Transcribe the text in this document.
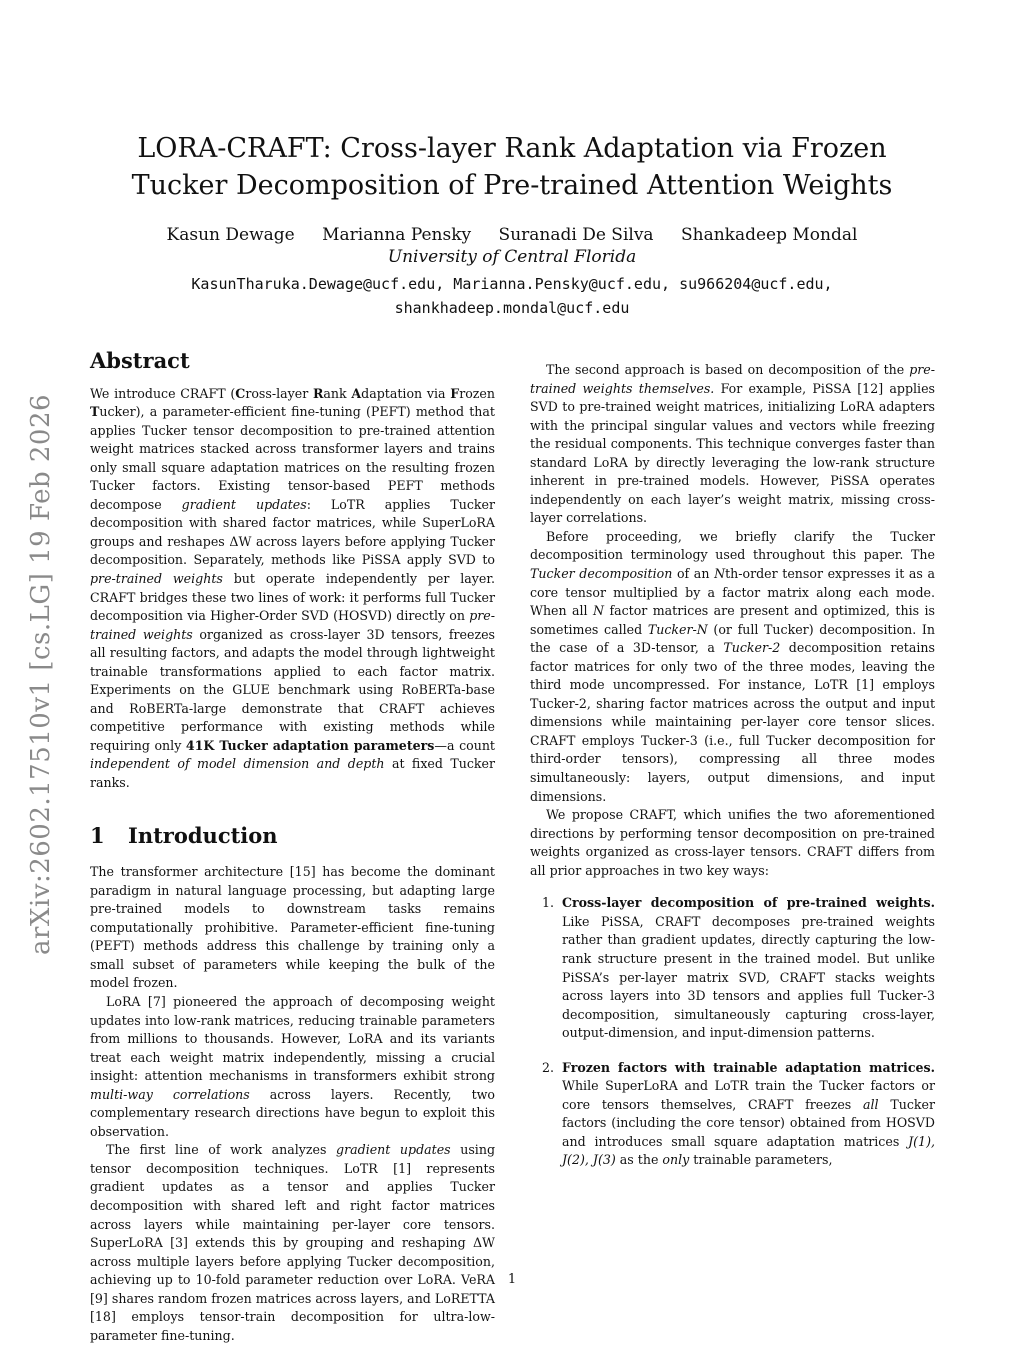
arXiv:2602.17510v1 [cs.LG] 19 Feb 2026
LORA-CRAFT: Cross-layer Rank Adaptation via Frozen
Tucker Decomposition of Pre-trained Attention Weights
Kasun Dewage Marianna Pensky Suranadi De Silva Shankadeep Mondal
University of Central Florida
KasunTharuka.Dewage@ucf.edu, Marianna.Pensky@ucf.edu, su966204@ucf.edu,
shankhadeep.mondal@ucf.edu
Abstract

We introduce CRAFT (Cross-layer Rank Adaptation via Frozen Tucker), a parameter-efficient fine-tuning (PEFT) method that applies Tucker tensor decomposition to pre-trained attention weight matrices stacked across transformer layers and trains only small square adaptation matrices on the resulting frozen Tucker factors. Existing tensor-based PEFT methods decompose gradient updates: LoTR applies Tucker decomposition with shared factor matrices, while SuperLoRA groups and reshapes ΔW across layers before applying Tucker decomposition. Separately, methods like PiSSA apply SVD to pre-trained weights but operate independently per layer. CRAFT bridges these two lines of work: it performs full Tucker decomposition via Higher-Order SVD (HOSVD) directly on pre-trained weights organized as cross-layer 3D tensors, freezes all resulting factors, and adapts the model through lightweight trainable transformations applied to each factor matrix. Experiments on the GLUE benchmark using RoBERTa-base and RoBERTa-large demonstrate that CRAFT achieves competitive performance with existing methods while requiring only 41K Tucker adaptation parameters—a count independent of model dimension and depth at fixed Tucker ranks.

1 Introduction

The transformer architecture [15] has become the dominant paradigm in natural language processing, but adapting large pre-trained models to downstream tasks remains computationally prohibitive. Parameter-efficient fine-tuning (PEFT) methods address this challenge by training only a small subset of parameters while keeping the bulk of the model frozen.

LoRA [7] pioneered the approach of decomposing weight updates into low-rank matrices, reducing trainable parameters from millions to thousands. However, LoRA and its variants treat each weight matrix independently, missing a crucial insight: attention mechanisms in transformers exhibit strong multi-way correlations across layers. Recently, two complementary research directions have begun to exploit this observation.

The first line of work analyzes gradient updates using tensor decomposition techniques. LoTR [1] represents gradient updates as a tensor and applies Tucker decomposition with shared left and right factor matrices across layers while maintaining per-layer core tensors. SuperLoRA [3] extends this by grouping and reshaping ΔW across multiple layers before applying Tucker decomposition, achieving up to 10-fold parameter reduction over LoRA. VeRA [9] shares random frozen matrices across layers, and LoRETTA [18] employs tensor-train decomposition for ultra-low-parameter fine-tuning.

The second approach is based on decomposition of the pre-trained weights themselves. For example, PiSSA [12] applies SVD to pre-trained weight matrices, initializing LoRA adapters with the principal singular values and vectors while freezing the residual components. This technique converges faster than standard LoRA by directly leveraging the low-rank structure inherent in pre-trained models. However, PiSSA operates independently on each layer’s weight matrix, missing cross-layer correlations.

Before proceeding, we briefly clarify the Tucker decomposition terminology used throughout this paper. The Tucker decomposition of an Nth-order tensor expresses it as a core tensor multiplied by a factor matrix along each mode. When all N factor matrices are present and optimized, this is sometimes called Tucker-N (or full Tucker) decomposition. In the case of a 3D-tensor, a Tucker-2 decomposition retains factor matrices for only two of the three modes, leaving the third mode uncompressed. For instance, LoTR [1] employs Tucker-2, sharing factor matrices across the output and input dimensions while maintaining per-layer core tensor slices. CRAFT employs Tucker-3 (i.e., full Tucker decomposition for third-order tensors), compressing all three modes simultaneously: layers, output dimensions, and input dimensions.

We propose CRAFT, which unifies the two aforementioned directions by performing tensor decomposition on pre-trained weights organized as cross-layer tensors. CRAFT differs from all prior approaches in two key ways:

1. Cross-layer decomposition of pre-trained weights. Like PiSSA, CRAFT decomposes pre-trained weights rather than gradient updates, directly capturing the low-rank structure present in the trained model. But unlike PiSSA’s per-layer matrix SVD, CRAFT stacks weights across layers into 3D tensors and applies full Tucker-3 decomposition, simultaneously capturing cross-layer, output-dimension, and input-dimension patterns.
2. Frozen factors with trainable adaptation matrices. While SuperLoRA and LoTR train the Tucker factors or core tensors themselves, CRAFT freezes all Tucker factors (including the core tensor) obtained from HOSVD and introduces small square adaptation matrices J(1), J(2), J(3) as the only trainable parameters,
1
